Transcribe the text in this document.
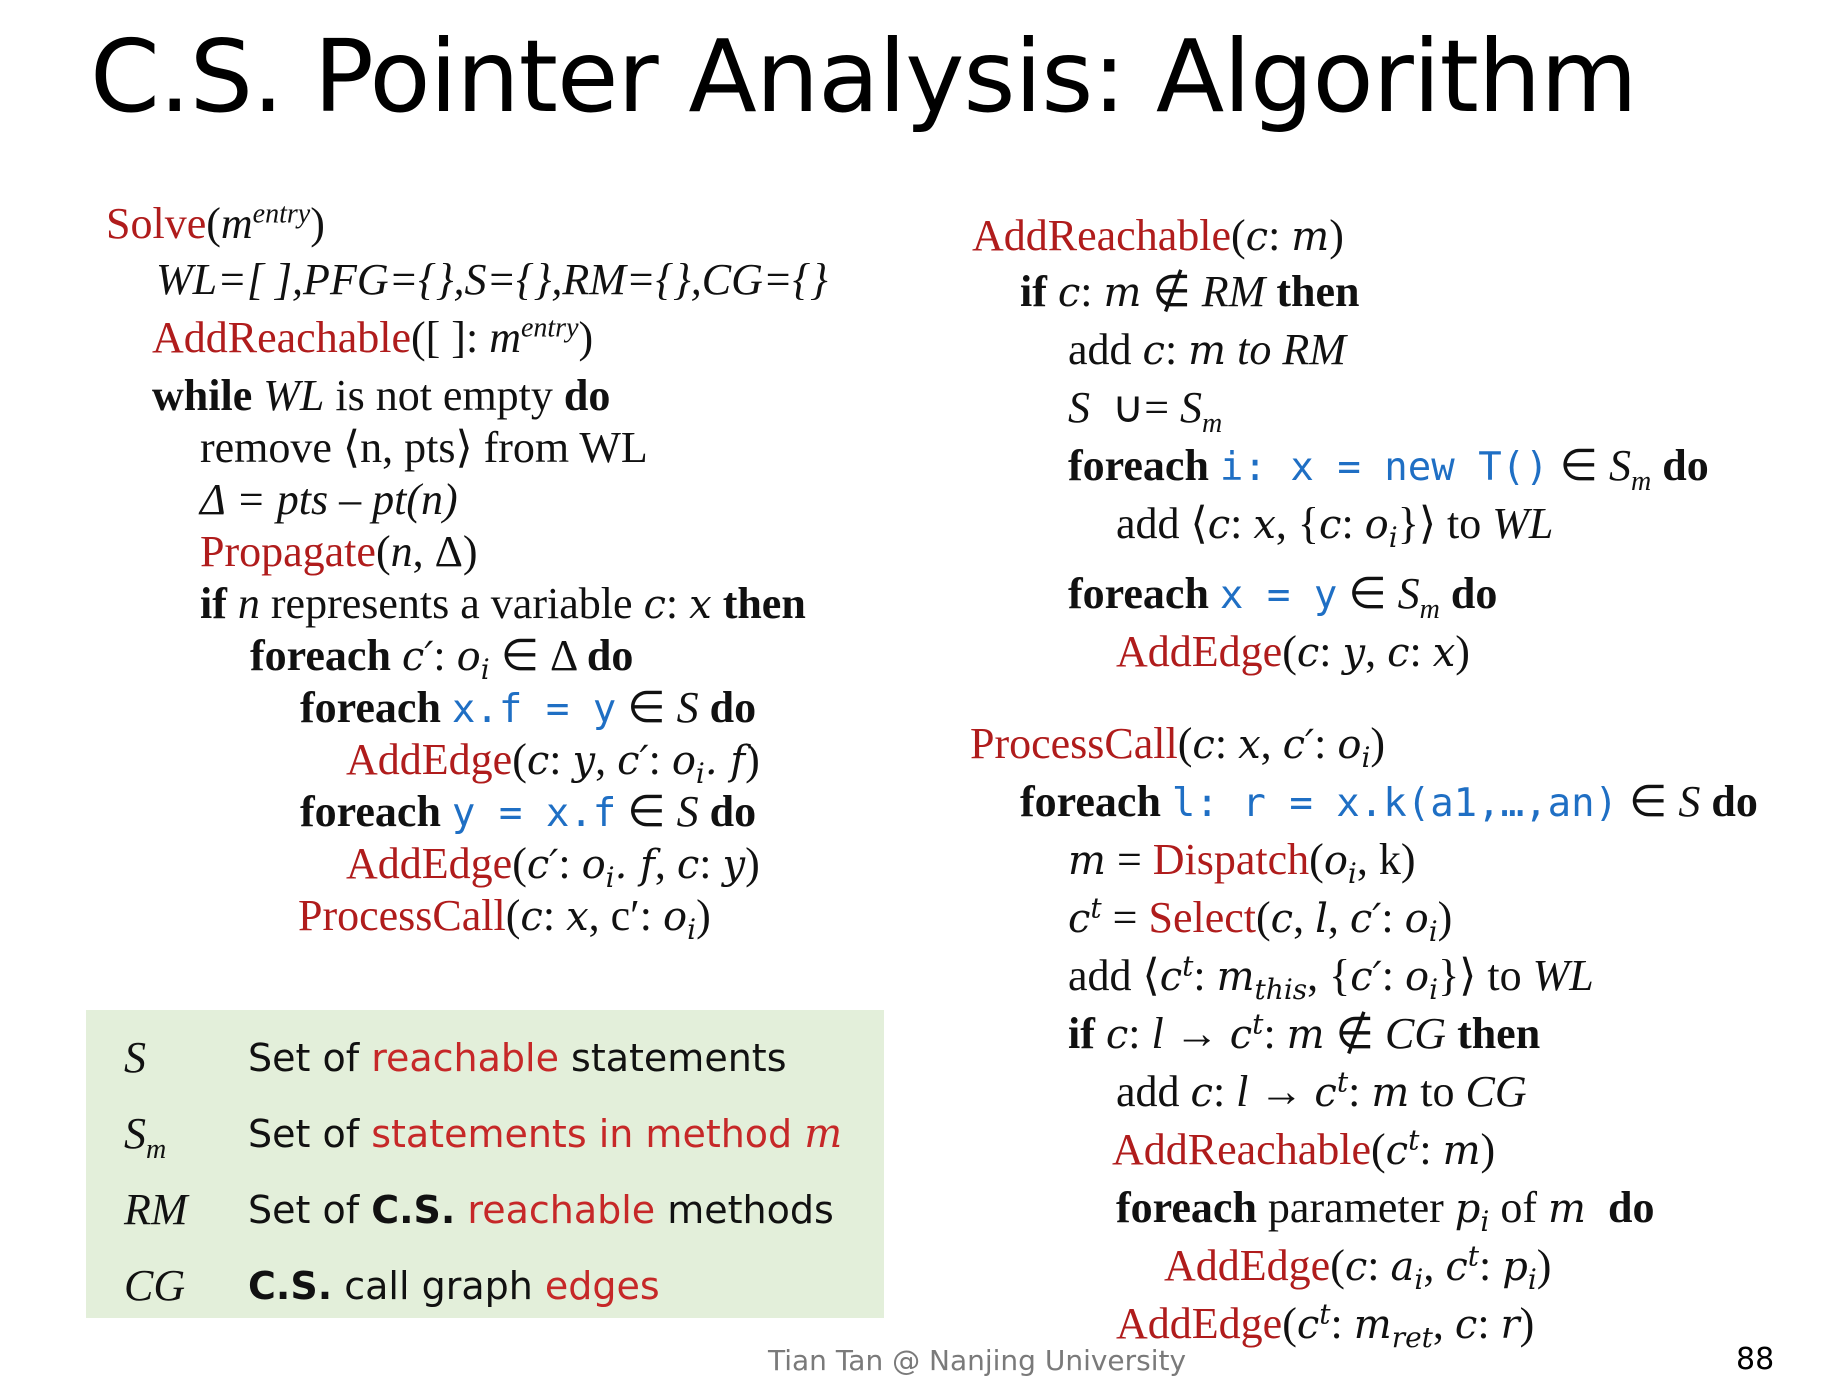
C.S. Pointer Analysis: Algorithm
$Solve(m^{entry})$
WL=[ ],PFG={},S={},RM={},CG={}
AddReachable([ ]: $m^{entry}$)
while WL is not empty do
remove ⟨n, pts⟩ from WL
Δ = pts – pt(n)
Propagate(n, Δ)
if n represents a variable c: x then
foreach c′: $o_i$ ∈ Δ do
foreach x.f = y ∈ S do
AddEdge(c: y, c′: $o_i$. f)
foreach y = x.f ∈ S do
AddEdge(c′: $o_i$. f, c: y)
ProcessCall(c: x, c′: $o_i$)
AddReachable(c: m)
if c: m ∉ RM then
add c: m to RM
S  ∪= $S_m$
foreach i: x = new T() ∈ $S_m$ do
add ⟨c: x, {c: $o_i\}⟩$ to WL
foreach x = y ∈ $S_m$ do
AddEdge(c: y, c: x)
ProcessCall(c: x, c′: $o_i$)
foreach l: r = x.k(a1,…,an) ∈ S do
$m = Dispatch(o_i$, k)
$c^t$ = Select(c, l, c′: $o_i$)
add $⟨c^t$: $m_{this}$, {c′: $o_i\}⟩$ to WL
if c: $l \to c^t$: m ∉ CG then
add c: $l \to c^t$: m to CG
$AddReachable(c^t$: m)
foreach parameter $p_i$ of m do
AddEdge(c: $a_i$, $c^t$: $p_i$)
$AddEdge(c^t$: $m_{ret}$, c: r)
S	Set of reachable statements
$S_m$	Set of statements in method m
RM	Set of C.S. reachable methods
CG	C.S. call graph edges
Tian Tan @ Nanjing University	88
